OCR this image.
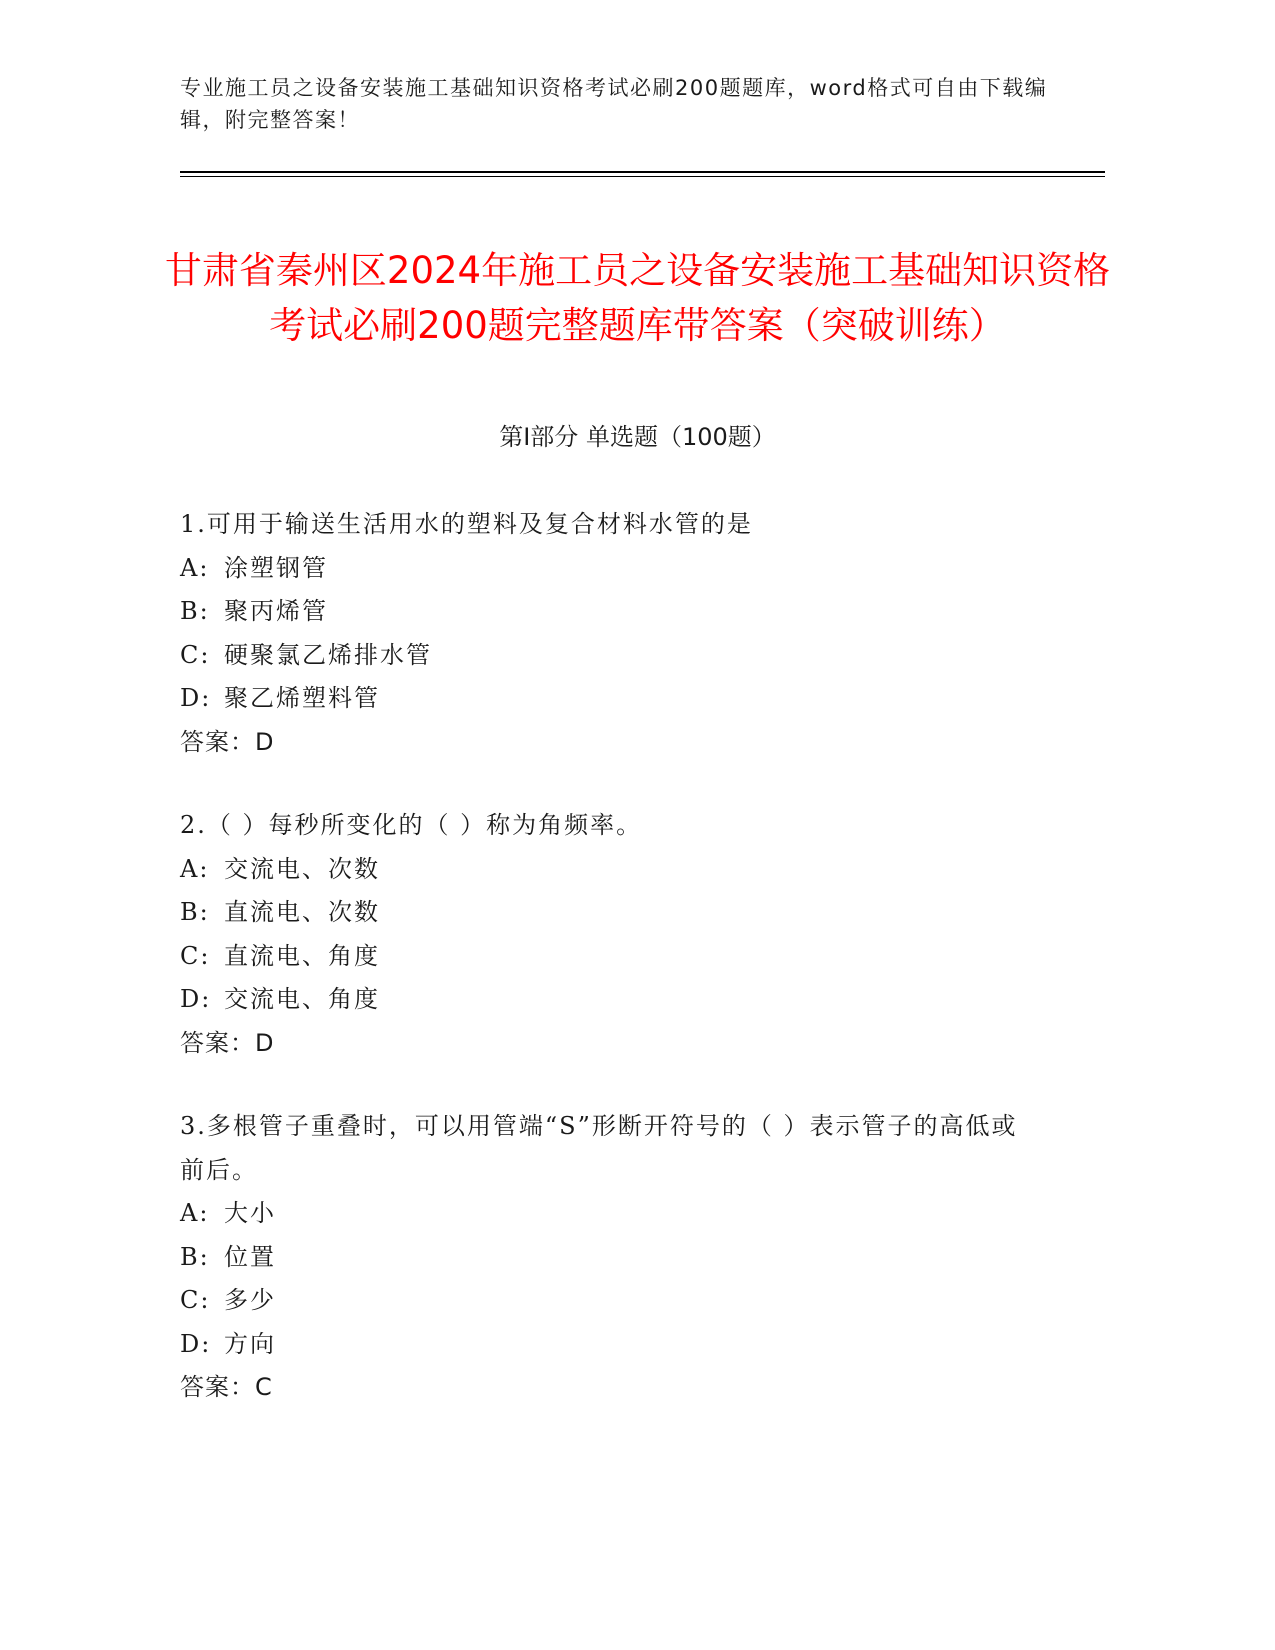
专业施工员之设备安装施工基础知识资格考试必刷200题题库，word格式可自由下载编辑，附完整答案！
甘肃省秦州区2024年施工员之设备安装施工基础知识资格考试必刷200题完整题库带答案（突破训练）
第I部分 单选题（100题）
1.可用于输送生活用水的塑料及复合材料水管的是
A: 涂塑钢管
B: 聚丙烯管
C: 硬聚氯乙烯排水管
D: 聚乙烯塑料管
答案：D
2.（ ）每秒所变化的（ ）称为角频率。
A: 交流电、次数
B: 直流电、次数
C: 直流电、角度
D: 交流电、角度
答案：D
3.多根管子重叠时，可以用管端“S”形断开符号的（ ）表示管子的高低或前后。
A: 大小
B: 位置
C: 多少
D: 方向
答案：C
